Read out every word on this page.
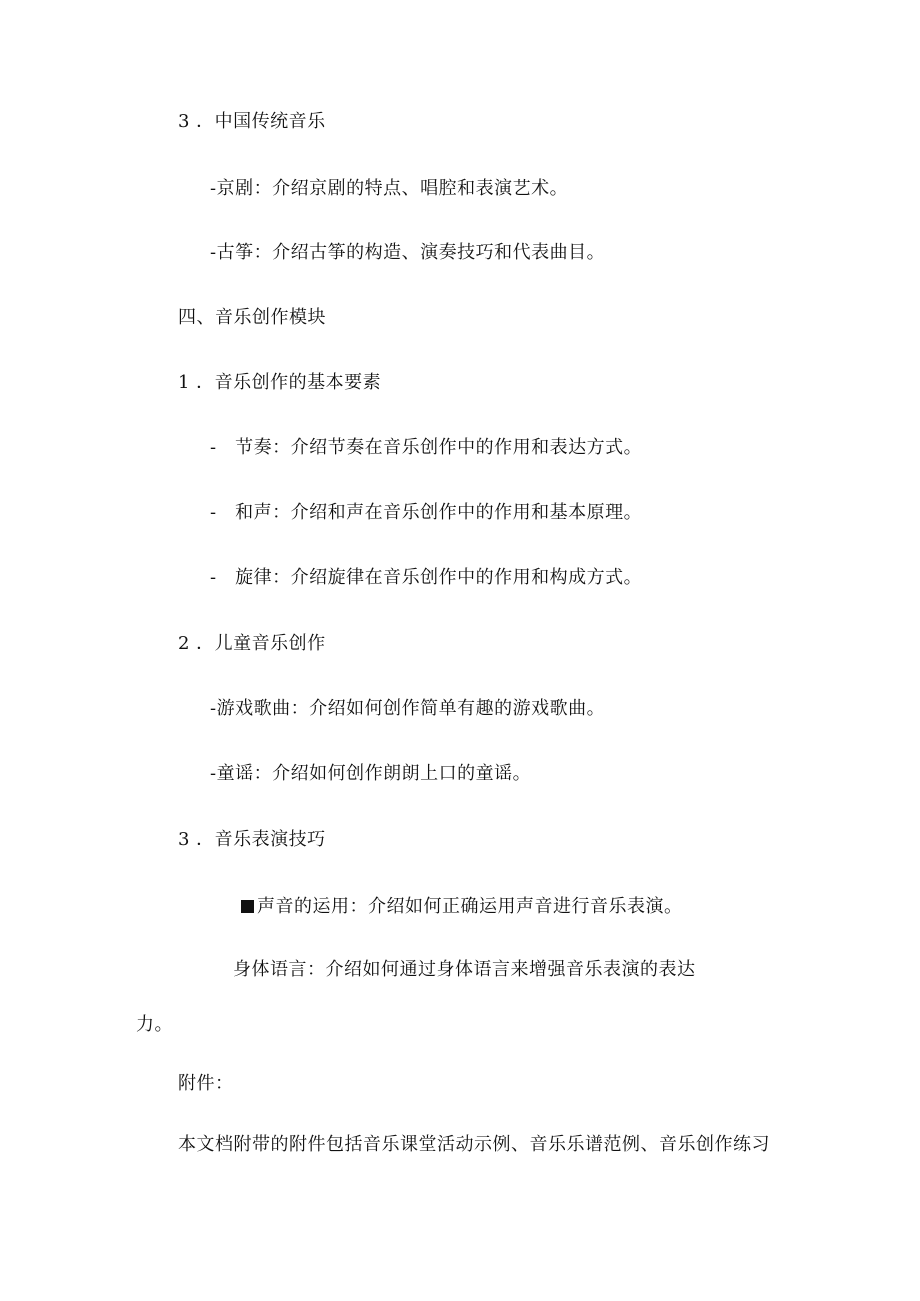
3 ．中国传统音乐
-京剧：介绍京剧的特点、唱腔和表演艺术。
-古筝：介绍古筝的构造、演奏技巧和代表曲目。
四、音乐创作模块
1 ．音乐创作的基本要素
-　节奏：介绍节奏在音乐创作中的作用和表达方式。
-　和声：介绍和声在音乐创作中的作用和基本原理。
-　旋律：介绍旋律在音乐创作中的作用和构成方式。
2 ．儿童音乐创作
-游戏歌曲：介绍如何创作简单有趣的游戏歌曲。
-童谣：介绍如何创作朗朗上口的童谣。
3 ．音乐表演技巧
声音的运用：介绍如何正确运用声音进行音乐表演。
身体语言：介绍如何通过身体语言来增强音乐表演的表达
力。
附件：
本文档附带的附件包括音乐课堂活动示例、音乐乐谱范例、音乐创作练习
